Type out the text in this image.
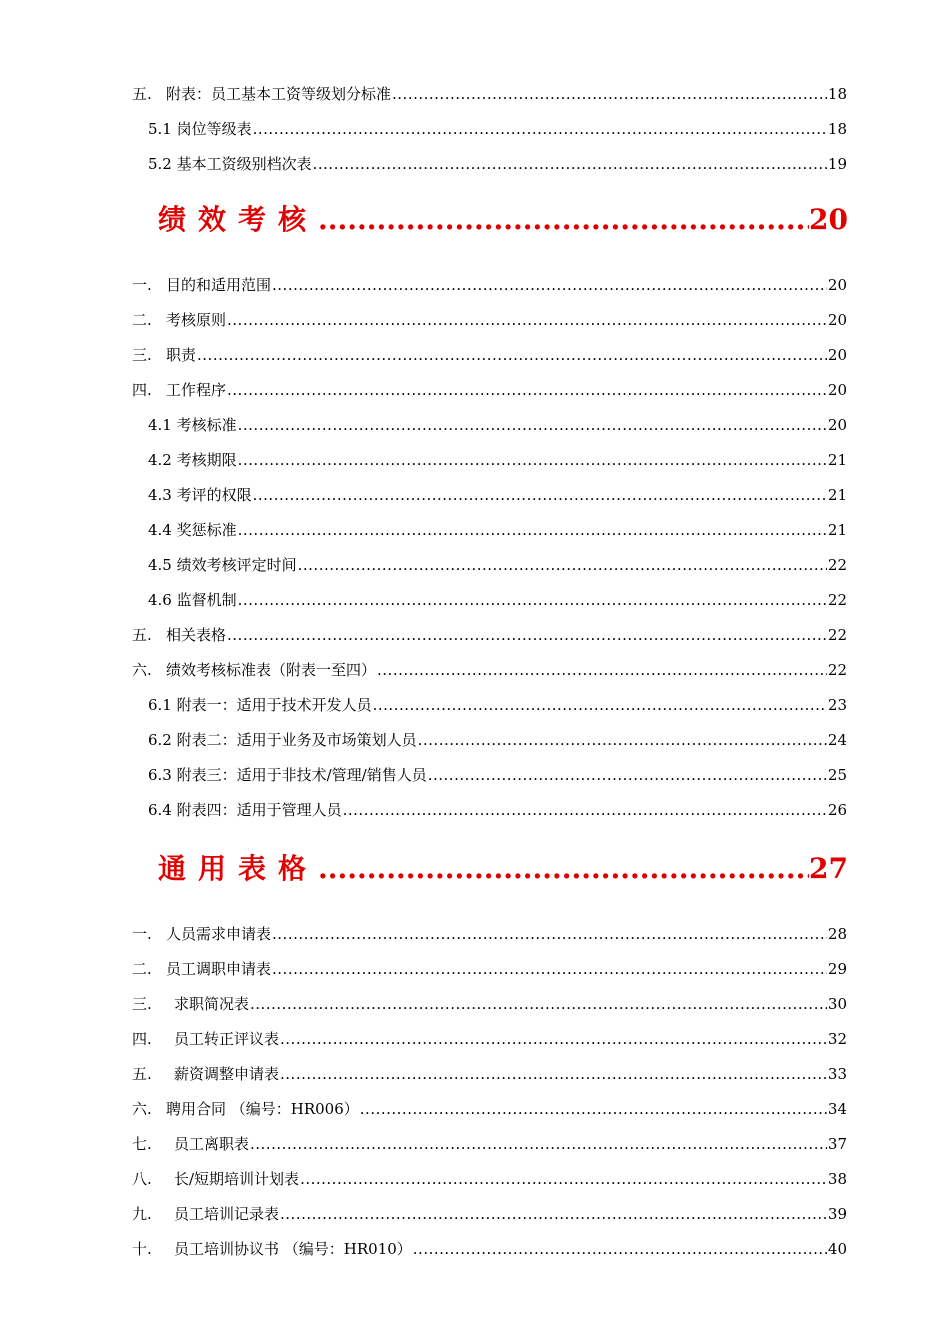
五. 附表：员工基本工资等级划分标准 .....	18
5.1 岗位等级表 .....	18
5.2 基本工资级别档次表 .....	19
绩效考核 .....	20
一. 目的和适用范围 .....	20
二. 考核原则 .....	20
三. 职责 .....	20
四. 工作程序 .....	20
4.1 考核标准 .....	20
4.2 考核期限 .....	21
4.3 考评的权限 .....	21
4.4 奖惩标准 .....	21
4.5 绩效考核评定时间 .....	22
4.6 监督机制 .....	22
五. 相关表格 .....	22
六. 绩效考核标准表（附表一至四） .....	22
6.1 附表一：适用于技术开发人员 .....	23
6.2 附表二：适用于业务及市场策划人员 .....	24
6.3 附表三：适用于非技术/管理/销售人员 .....	25
6.4 附表四：适用于管理人员 .....	26
通用表格 .....	27
一. 人员需求申请表 .....	28
二. 员工调职申请表 .....	29
三.	求职简况表 .....	30
四.	员工转正评议表 .....	32
五.	薪资调整申请表 .....	33
六. 聘用合同 （编号：HR006） .....	34
七.	员工离职表 .....	37
八.	长/短期培训计划表 .....	38
九.	员工培训记录表 .....	39
十.	员工培训协议书 （编号：HR010） .....	40
